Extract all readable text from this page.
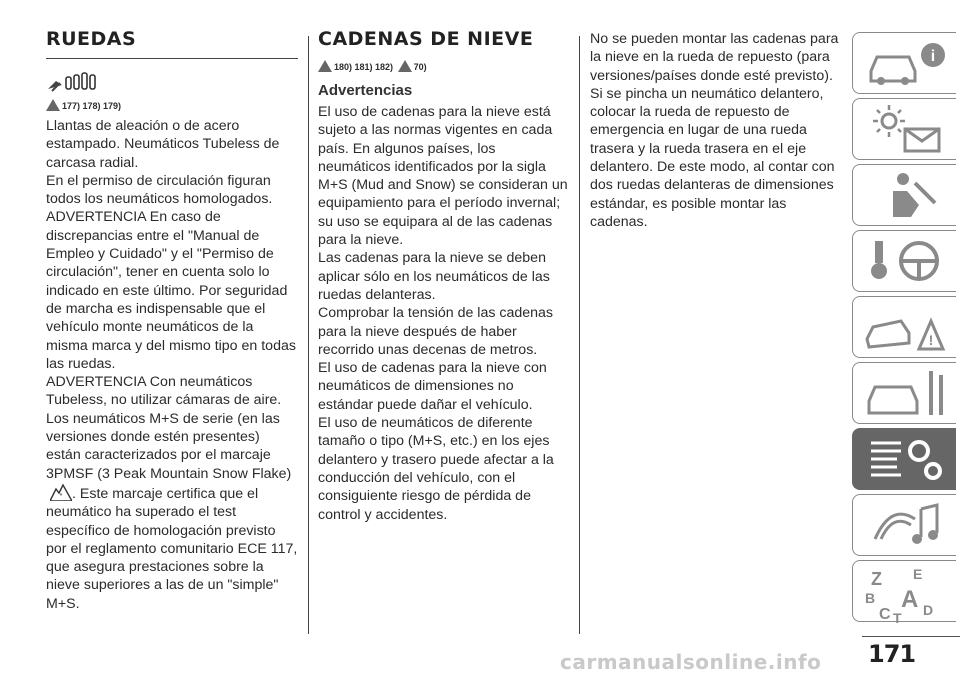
RUEDAS
177) 178) 179)

Llantas de aleación o de acero estampado. Neumáticos Tubeless de carcasa radial.

En el permiso de circulación figuran todos los neumáticos homologados.

ADVERTENCIA En caso de discrepancias entre el "Manual de Empleo y Cuidado" y el "Permiso de circulación", tener en cuenta solo lo indicado en este último. Por seguridad de marcha es indispensable que el vehículo monte neumáticos de la misma marca y del mismo tipo en todas las ruedas.

ADVERTENCIA Con neumáticos Tubeless, no utilizar cámaras de aire.

Los neumáticos M+S de serie (en las versiones donde estén presentes) están caracterizados por el marcaje 3PMSF (3 Peak Mountain Snow Flake)

* . Este marcaje certifica que el neumático ha superado el test específico de homologación previsto por el reglamento comunitario ECE 117, que asegura prestaciones sobre la nieve superiores a las de un "simple" M+S.

CADENAS DE NIEVE
180) 181) 182) 70)
Advertencias

El uso de cadenas para la nieve está sujeto a las normas vigentes en cada país. En algunos países, los neumáticos identificados por la sigla M+S (Mud and Snow) se consideran un equipamiento para el período invernal; su uso se equipara al de las cadenas para la nieve.

Las cadenas para la nieve se deben aplicar sólo en los neumáticos de las ruedas delanteras.

Comprobar la tensión de las cadenas para la nieve después de haber recorrido unas decenas de metros.

El uso de cadenas para la nieve con neumáticos de dimensiones no estándar puede dañar el vehículo.

El uso de neumáticos de diferente tamaño o tipo (M+S, etc.) en los ejes delantero y trasero puede afectar a la conducción del vehículo, con el consiguiente riesgo de pérdida de control y accidentes.

No se pueden montar las cadenas para la nieve en la rueda de repuesto (para versiones/países donde esté previsto). Si se pincha un neumático delantero, colocar la rueda de repuesto de emergencia en lugar de una rueda trasera y la rueda trasera en el eje delantero. De este modo, al contar con dos ruedas delanteras de dimensiones estándar, es posible montar las cadenas.

i
!
Z E
B A
C T D
171
carmanualsonline.info
